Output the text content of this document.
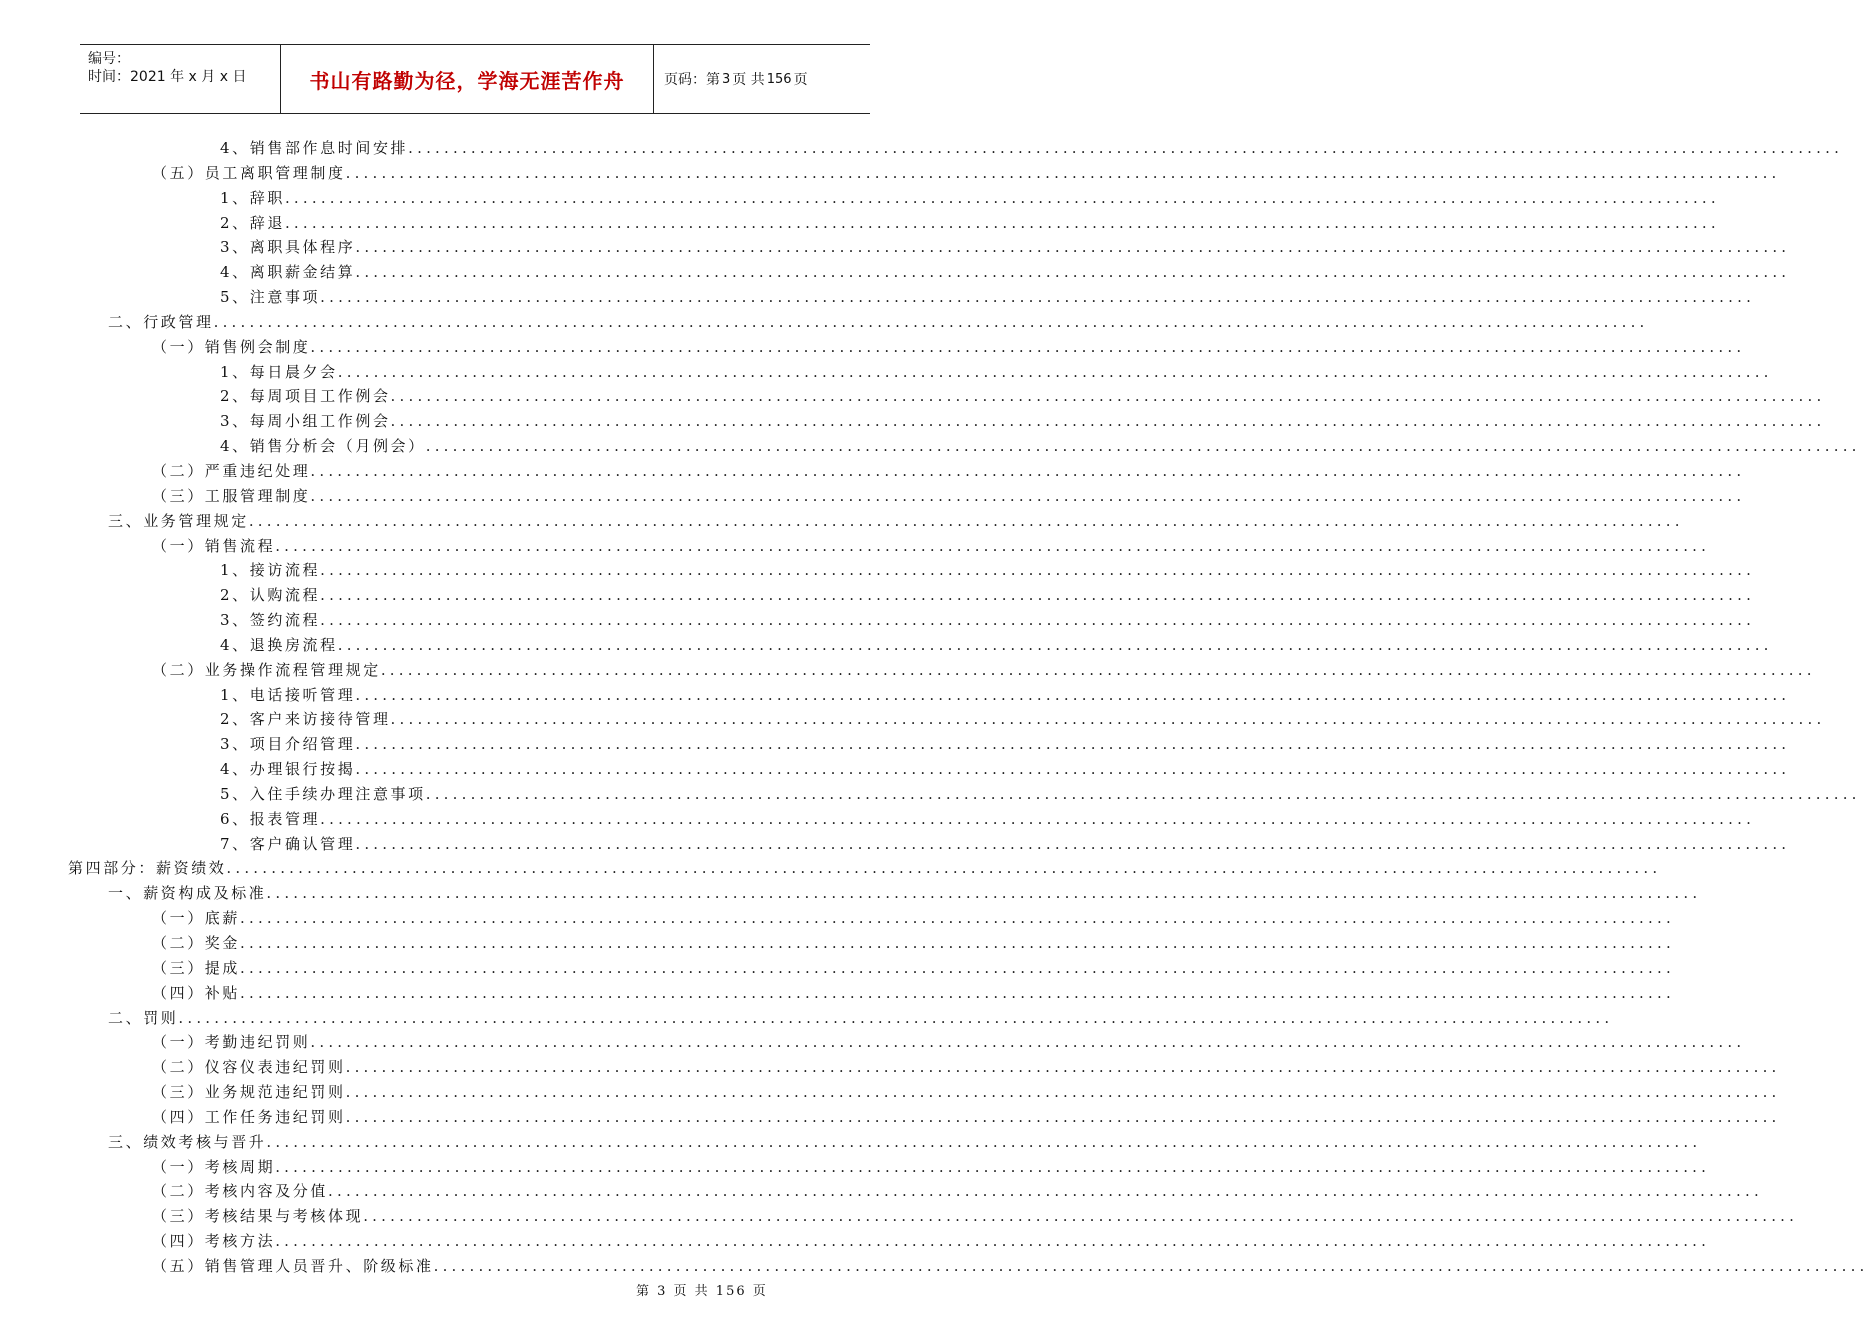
编号：
时间：2021 年 x 月 x 日	书山有路勤为径，学海无涯苦作舟	页码：第 3 页 共 156 页
4、销售部作息时间安排 ................................................................................................................................................................
（五）员工离职管理制度 ................................................................................................................................................................
1、辞职 ................................................................................................................................................................
2、辞退 ................................................................................................................................................................
3、离职具体程序 ................................................................................................................................................................
4、离职薪金结算 ................................................................................................................................................................
5、注意事项 ................................................................................................................................................................
二、行政管理 ................................................................................................................................................................
（一）销售例会制度 ................................................................................................................................................................
1、每日晨夕会 ................................................................................................................................................................
2、每周项目工作例会 ................................................................................................................................................................
3、每周小组工作例会 ................................................................................................................................................................
4、销售分析会（月例会） ................................................................................................................................................................
（二）严重违纪处理 ................................................................................................................................................................
（三）工服管理制度 ................................................................................................................................................................
三、业务管理规定 ................................................................................................................................................................
（一）销售流程 ................................................................................................................................................................
1、接访流程 ................................................................................................................................................................
2、认购流程 ................................................................................................................................................................
3、签约流程 ................................................................................................................................................................
4、退换房流程 ................................................................................................................................................................
（二）业务操作流程管理规定 ................................................................................................................................................................
1、电话接听管理 ................................................................................................................................................................
2、客户来访接待管理 ................................................................................................................................................................
3、项目介绍管理 ................................................................................................................................................................
4、办理银行按揭 ................................................................................................................................................................
5、入住手续办理注意事项 ................................................................................................................................................................
6、报表管理 ................................................................................................................................................................
7、客户确认管理 ................................................................................................................................................................
第四部分：薪资绩效 ................................................................................................................................................................
一、薪资构成及标准 ................................................................................................................................................................
（一）底薪 ................................................................................................................................................................
（二）奖金 ................................................................................................................................................................
（三）提成 ................................................................................................................................................................
（四）补贴 ................................................................................................................................................................
二、罚则 ................................................................................................................................................................
（一）考勤违纪罚则 ................................................................................................................................................................
（二）仪容仪表违纪罚则 ................................................................................................................................................................
（三）业务规范违纪罚则 ................................................................................................................................................................
（四）工作任务违纪罚则 ................................................................................................................................................................
三、绩效考核与晋升 ................................................................................................................................................................
（一）考核周期 ................................................................................................................................................................
（二）考核内容及分值 ................................................................................................................................................................
（三）考核结果与考核体现 ................................................................................................................................................................
（四）考核方法 ................................................................................................................................................................
（五）销售管理人员晋升、阶级标准 ................................................................................................................................................................
第 3 页 共 156 页
